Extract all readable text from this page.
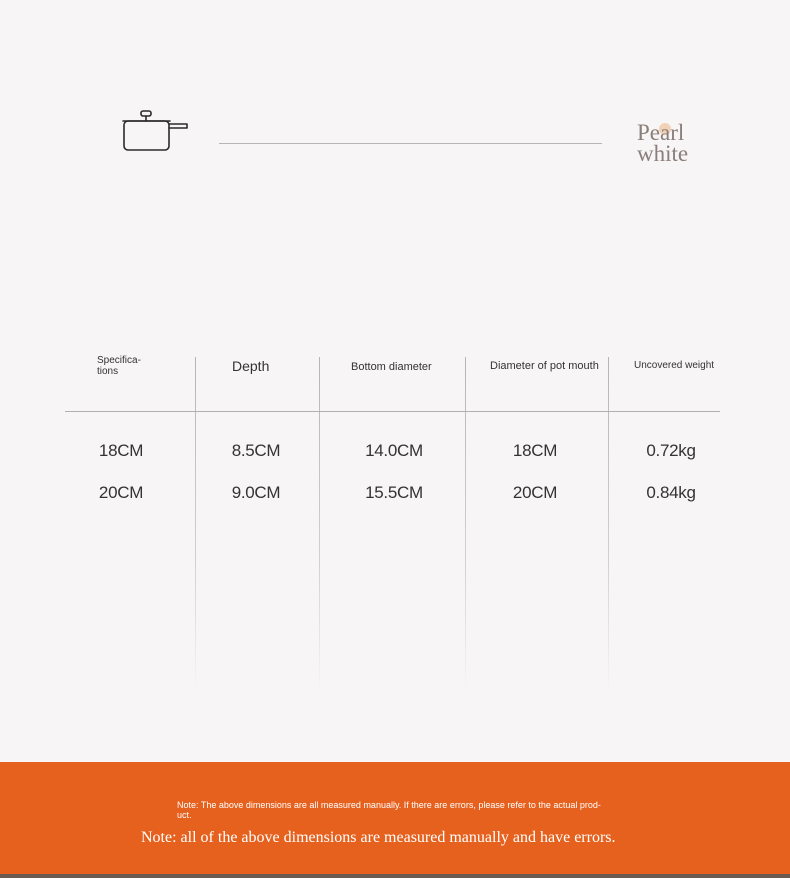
Pearl
white
Specifica-
tions	Depth	Bottom diameter	Diameter of pot mouth	Uncovered weight
18CM	8.5CM	14.0CM	18CM	0.72kg
20CM	9.0CM	15.5CM	20CM	0.84kg
Note: The above dimensions are all measured manually. If there are errors, please refer to the actual prod-
uct.
Note: all of the above dimensions are measured manually and have errors.
